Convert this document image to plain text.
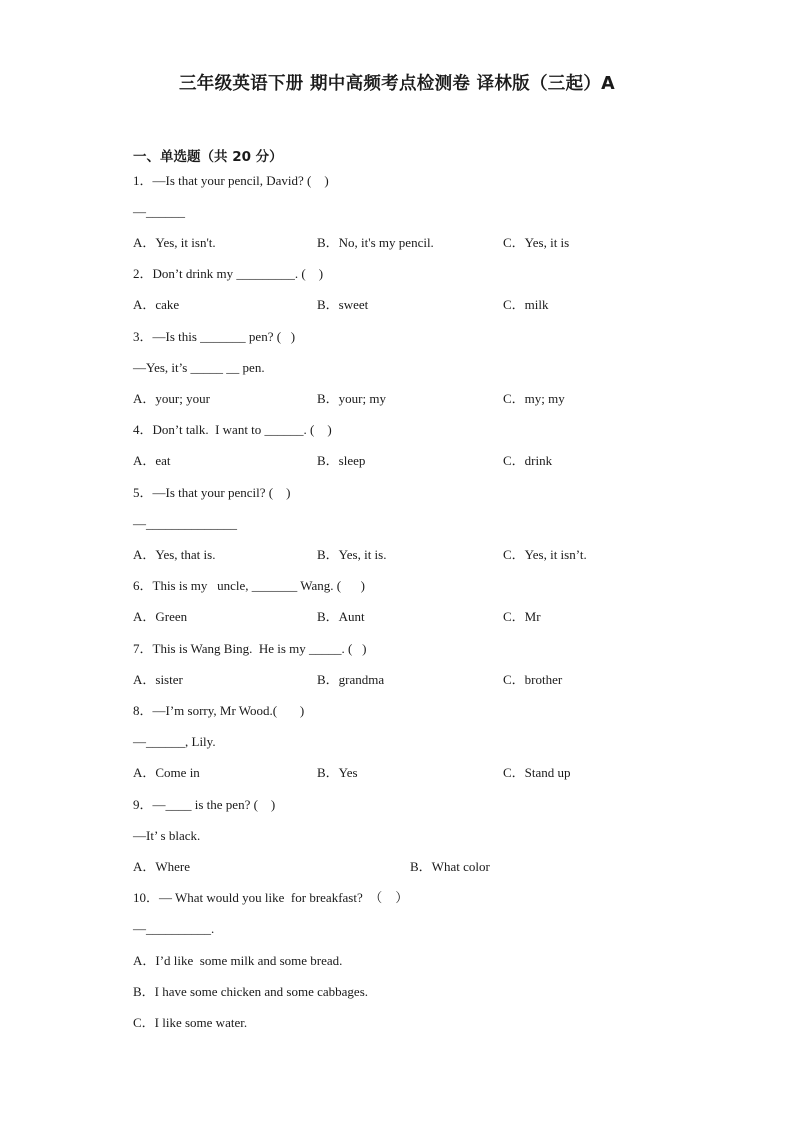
三年级英语下册 期中高频考点检测卷 译林版（三起）A
一、单选题（共 20 分）
1．—Is that your pencil, David? (    )
—______
A．Yes, it isn't.	B．No, it's my pencil.	C．Yes, it is
2．Don’t drink my _________. (    )
A．cake	B．sweet	C．milk
3．—Is this _______ pen? (   )
—Yes, it’s _____ __ pen.
A．your; your	B．your; my	C．my; my
4．Don’t talk.  I want to ______. (    )
A．eat	B．sleep	C．drink
5．—Is that your pencil? (    )
—______________
A．Yes, that is.	B．Yes, it is.	C．Yes, it isn’t.
6．This is my   uncle, _______ Wang. (      )
A．Green	B．Aunt	C．Mr
7．This is Wang Bing.  He is my _____. (   )
A．sister	B．grandma	C．brother
8．—I’m sorry, Mr Wood.(       )
—______, Lily.
A．Come in	B．Yes	C．Stand up
9．—____ is the pen? (    )
—It’ s black.
A．Where	B．What color
10．— What would you like  for breakfast?  （    ）
—__________.
A．I’d like  some milk and some bread.
B．I have some chicken and some cabbages.
C．I like some water.
